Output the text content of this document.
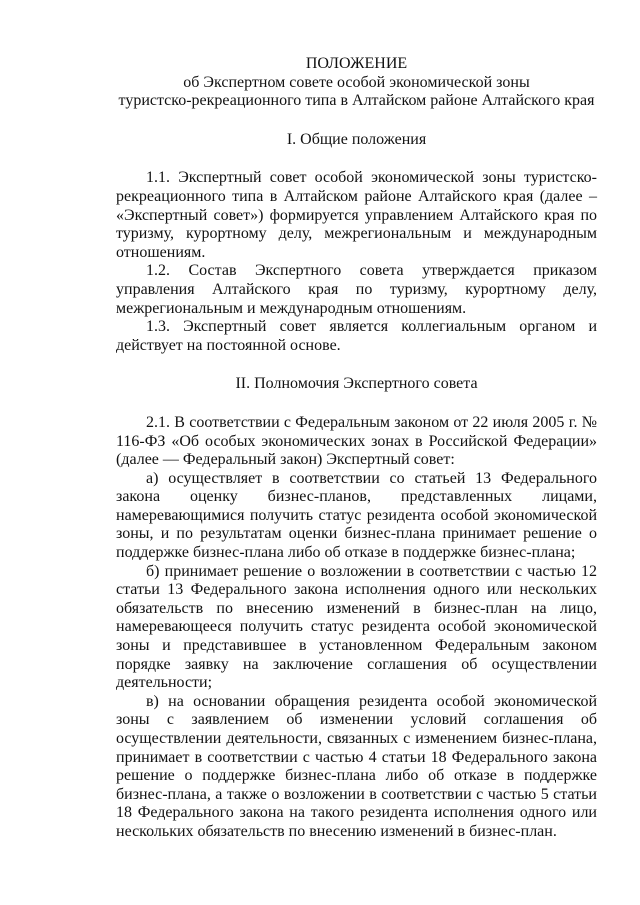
ПОЛОЖЕНИЕ
об Экспертном совете особой экономической зоны
туристско-рекреационного типа в Алтайском районе Алтайского края

I. Общие положения

1.1. Экспертный совет особой экономической зоны туристско-рекреационного типа в Алтайском районе Алтайского края (далее – «Экспертный совет») формируется управлением Алтайского края по туризму, курортному делу, межрегиональным и международным отношениям.

1.2. Состав Экспертного совета утверждается приказом управления Алтайского края по туризму, курортному делу, межрегиональным и международным отношениям.

1.3. Экспертный совет является коллегиальным органом и действует на постоянной основе.

II. Полномочия Экспертного совета

2.1. В соответствии с Федеральным законом от 22 июля 2005 г. № 116-ФЗ «Об особых экономических зонах в Российской Федерации» (далее — Федеральный закон) Экспертный совет:

а) осуществляет в соответствии со статьей 13 Федерального закона оценку бизнес-планов, представленных лицами, намеревающимися получить статус резидента особой экономической зоны, и по результатам оценки бизнес-плана принимает решение о поддержке бизнес-плана либо об отказе в поддержке бизнес-плана;

б) принимает решение о возложении в соответствии с частью 12 статьи 13 Федерального закона исполнения одного или нескольких обязательств по внесению изменений в бизнес-план на лицо, намеревающееся получить статус резидента особой экономической зоны и представившее в установленном Федеральным законом порядке заявку на заключение соглашения об осуществлении деятельности;

в) на основании обращения резидента особой экономической зоны с заявлением об изменении условий соглашения об осуществлении деятельности, связанных с изменением бизнес-плана, принимает в соответствии с частью 4 статьи 18 Федерального закона решение о поддержке бизнес-плана либо об отказе в поддержке бизнес-плана, а также о возложении в соответствии с частью 5 статьи 18 Федерального закона на такого резидента исполнения одного или нескольких обязательств по внесению изменений в бизнес-план.
